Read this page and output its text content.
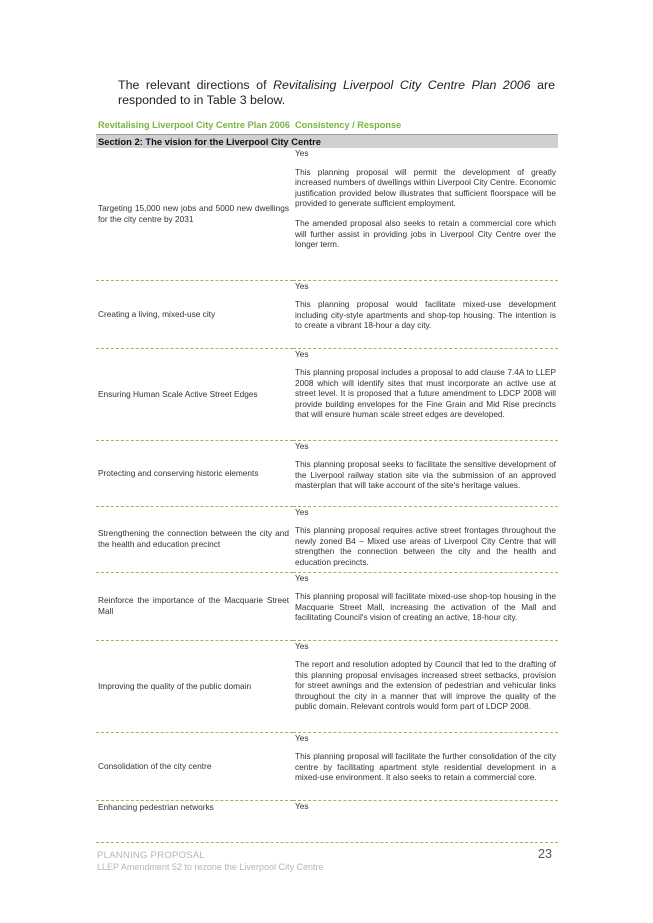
The relevant directions of Revitalising Liverpool City Centre Plan 2006 are responded to in Table 3 below.

Revitalising Liverpool City Centre Plan 2006	Consistency / Response
Section 2: The vision for the Liverpool City Centre	
Targeting 15,000 new jobs and 5000 new dwellings for the city centre by 2031	Yes

This planning proposal will permit the development of greatly increased numbers of dwellings within Liverpool City Centre. Economic justification provided below illustrates that sufficient floorspace will be provided to generate sufficient employment.

The amended proposal also seeks to retain a commercial core which will further assist in providing jobs in Liverpool City Centre over the longer term.

Creating a living, mixed-use city	Yes

This planning proposal would facilitate mixed-use development including city-style apartments and shop-top housing. The intention is to create a vibrant 18-hour a day city.

Ensuring Human Scale Active Street Edges	Yes

This planning proposal includes a proposal to add clause 7.4A to LLEP 2008 which will identify sites that must incorporate an active use at street level. It is proposed that a future amendment to LDCP 2008 will provide building envelopes for the Fine Grain and Mid Rise precincts that will ensure human scale street edges are developed.

Protecting and conserving historic elements	Yes

This planning proposal seeks to facilitate the sensitive development of the Liverpool railway station site via the submission of an approved masterplan that will take account of the site's heritage values.

Strengthening the connection between the city and the health and education precinct	Yes

This planning proposal requires active street frontages throughout the newly zoned B4 – Mixed use areas of Liverpool City Centre that will strengthen the connection between the city and the health and education precincts.

Reinforce the importance of the Macquarie Street Mall	Yes

This planning proposal will facilitate mixed-use shop-top housing in the Macquarie Street Mall, increasing the activation of the Mall and facilitating Council's vision of creating an active, 18-hour city.

Improving the quality of the public domain	Yes

The report and resolution adopted by Council that led to the drafting of this planning proposal envisages increased street setbacks, provision for street awnings and the extension of pedestrian and vehicular links throughout the city in a manner that will improve the quality of the public domain. Relevant controls would form part of LDCP 2008.

Consolidation of the city centre	Yes

This planning proposal will facilitate the further consolidation of the city centre by facilitating apartment style residential development in a mixed-use environment. It also seeks to retain a commercial core.

Enhancing pedestrian networks	Yes
PLANNING PROPOSAL
LLEP Amendment 52 to rezone the Liverpool City Centre
23
